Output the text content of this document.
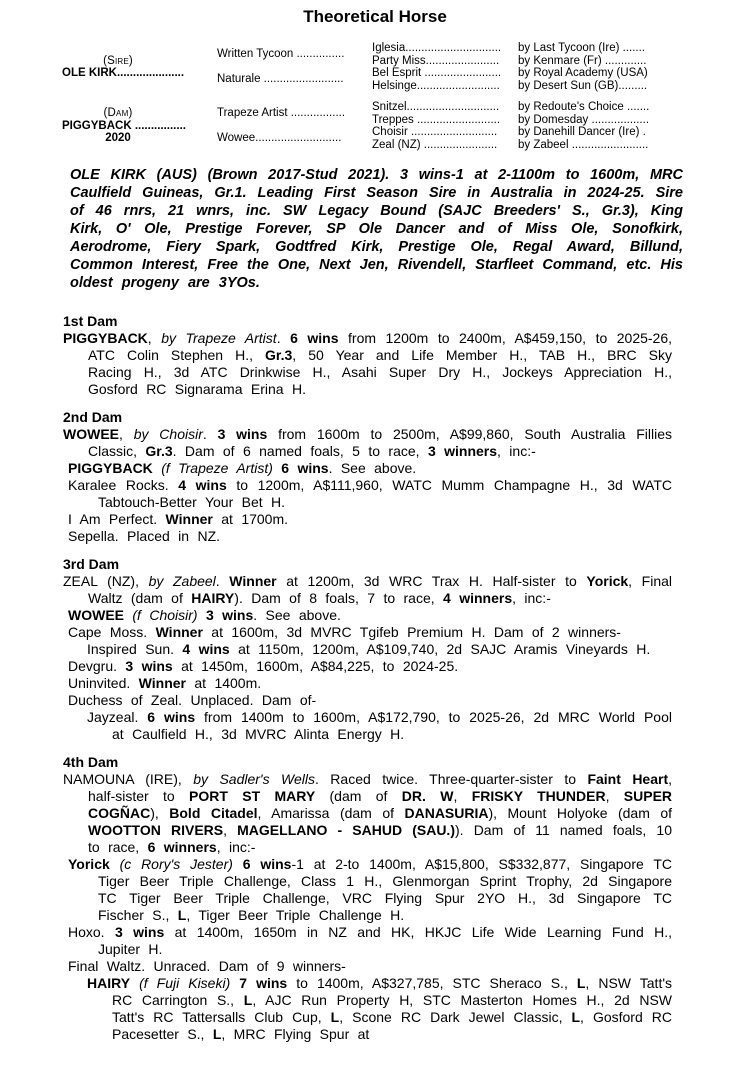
Theoretical Horse
(Sire)
OLE KIRK.....................
Written Tycoon ...............
Iglesia..............................	by Last Tycoon (Ire) .......
Party Miss.......................	by Kenmare (Fr) .............
Naturale .........................
Bel Esprit ........................	by Royal Academy (USA)
Helsinge..........................	by Desert Sun (GB).........
(Dam)
PIGGYBACK ................
2020
Trapeze Artist .................
Snitzel.............................	by Redoute's Choice .......
Treppes ..........................	by Domesday ..................
Wowee...........................
Choisir ...........................	by Danehill Dancer (Ire) .
Zeal (NZ) .......................	by Zabeel ........................
OLE KIRK (AUS) (Brown 2017-Stud 2021). 3 wins-1 at 2-1100m to 1600m, MRC Caulfield Guineas, Gr.1. Leading First Season Sire in Australia in 2024-25. Sire of 46 rnrs, 21 wnrs, inc. SW Legacy Bound (SAJC Breeders' S., Gr.3), King Kirk, O' Ole, Prestige Forever, SP Ole Dancer and of Miss Ole, Sonofkirk, Aerodrome, Fiery Spark, Godtfred Kirk, Prestige Ole, Regal Award, Billund, Common Interest, Free the One, Next Jen, Rivendell, Starfleet Command, etc. His oldest progeny are 3YOs.
1st Dam

PIGGYBACK, by Trapeze Artist. 6 wins from 1200m to 2400m, A$459,150, to 2025-26, ATC Colin Stephen H., Gr.3, 50 Year and Life Member H., TAB H., BRC Sky Racing H., 3d ATC Drinkwise H., Asahi Super Dry H., Jockeys Appreciation H., Gosford RC Signarama Erina H.

2nd Dam

WOWEE, by Choisir. 3 wins from 1600m to 2500m, A$99,860, South Australia Fillies Classic, Gr.3. Dam of 6 named foals, 5 to race, 3 winners, inc:-

PIGGYBACK (f Trapeze Artist) 6 wins. See above.

Karalee Rocks. 4 wins to 1200m, A$111,960, WATC Mumm Champagne H., 3d WATC Tabtouch-Better Your Bet H.

I Am Perfect. Winner at 1700m.

Sepella. Placed in NZ.

3rd Dam

ZEAL (NZ), by Zabeel. Winner at 1200m, 3d WRC Trax H. Half-sister to Yorick, Final Waltz (dam of HAIRY). Dam of 8 foals, 7 to race, 4 winners, inc:-

WOWEE (f Choisir) 3 wins. See above.

Cape Moss. Winner at 1600m, 3d MVRC Tgifeb Premium H. Dam of 2 winners-

Inspired Sun. 4 wins at 1150m, 1200m, A$109,740, 2d SAJC Aramis Vineyards H.

Devgru. 3 wins at 1450m, 1600m, A$84,225, to 2024-25.

Uninvited. Winner at 1400m.

Duchess of Zeal. Unplaced. Dam of-

Jayzeal. 6 wins from 1400m to 1600m, A$172,790, to 2025-26, 2d MRC World Pool at Caulfield H., 3d MVRC Alinta Energy H.

4th Dam

NAMOUNA (IRE), by Sadler's Wells. Raced twice. Three-quarter-sister to Faint Heart, half-sister to PORT ST MARY (dam of DR. W, FRISKY THUNDER, SUPER COGÑAC), Bold Citadel, Amarissa (dam of DANASURIA), Mount Holyoke (dam of WOOTTON RIVERS, MAGELLANO - SAHUD (SAU.)). Dam of 11 named foals, 10 to race, 6 winners, inc:-

Yorick (c Rory's Jester) 6 wins-1 at 2-to 1400m, A$15,800, S$332,877, Singapore TC Tiger Beer Triple Challenge, Class 1 H., Glenmorgan Sprint Trophy, 2d Singapore TC Tiger Beer Triple Challenge, VRC Flying Spur 2YO H., 3d Singapore TC Fischer S., L, Tiger Beer Triple Challenge H.

Hoxo. 3 wins at 1400m, 1650m in NZ and HK, HKJC Life Wide Learning Fund H., Jupiter H.

Final Waltz. Unraced. Dam of 9 winners-

HAIRY (f Fuji Kiseki) 7 wins to 1400m, A$327,785, STC Sheraco S., L, NSW Tatt's RC Carrington S., L, AJC Run Property H, STC Masterton Homes H., 2d NSW Tatt's RC Tattersalls Club Cup, L, Scone RC Dark Jewel Classic, L, Gosford RC Pacesetter S., L, MRC Flying Spur at
